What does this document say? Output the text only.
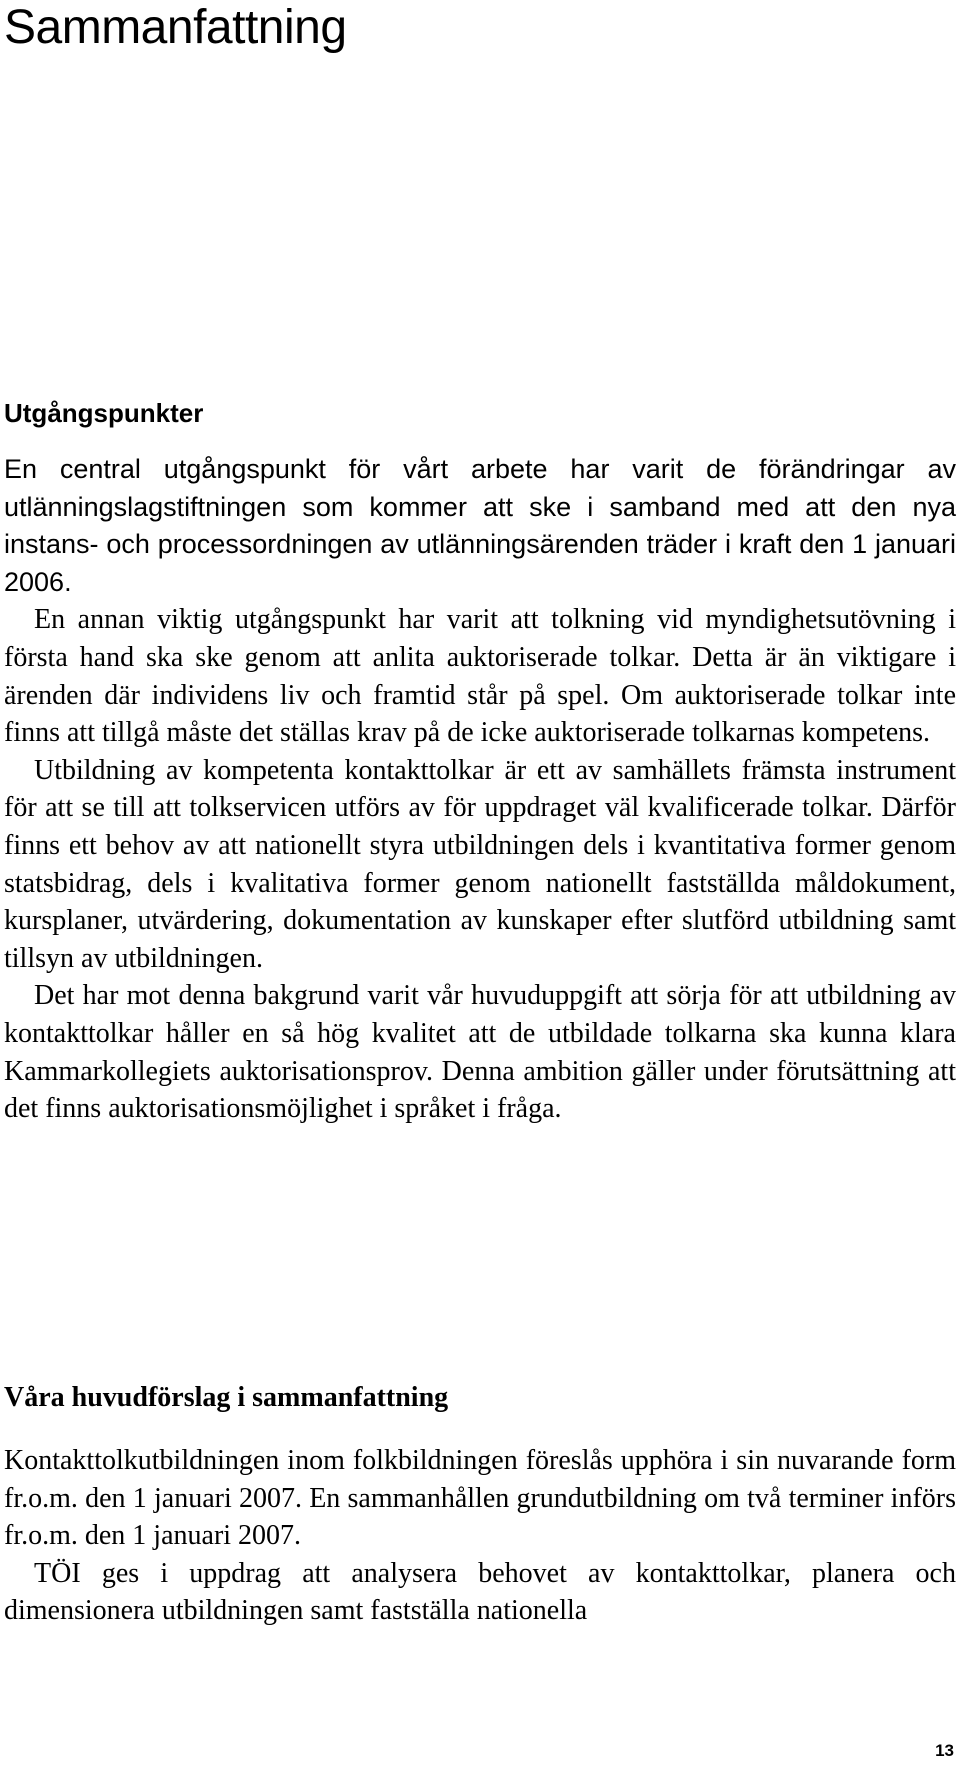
Sammanfattning
Utgångspunkter

En central utgångspunkt för vårt arbete har varit de förändringar av utlänningslagstiftningen som kommer att ske i samband med att den nya instans- och processordningen av utlänningsärenden träder i kraft den 1 januari 2006.

En annan viktig utgångspunkt har varit att tolkning vid myndighetsutövning i första hand ska ske genom att anlita auktoriserade tolkar. Detta är än viktigare i ärenden där individens liv och framtid står på spel. Om auktoriserade tolkar inte finns att tillgå måste det ställas krav på de icke auktoriserade tolkarnas kompetens.

Utbildning av kompetenta kontakttolkar är ett av samhällets främsta instrument för att se till att tolkservicen utförs av för uppdraget väl kvalificerade tolkar. Därför finns ett behov av att nationellt styra utbildningen dels i kvantitativa former genom statsbidrag, dels i kvalitativa former genom nationellt fastställda måldokument, kursplaner, utvärdering, dokumentation av kunskaper efter slutförd utbildning samt tillsyn av utbildningen.

Det har mot denna bakgrund varit vår huvuduppgift att sörja för att utbildning av kontakttolkar håller en så hög kvalitet att de utbildade tolkarna ska kunna klara Kammarkollegiets auktorisationsprov. Denna ambition gäller under förutsättning att det finns auktorisationsmöjlighet i språket i fråga.

Våra huvudförslag i sammanfattning

Kontakttolkutbildningen inom folkbildningen föreslås upphöra i sin nuvarande form fr.o.m. den 1 januari 2007. En sammanhållen grundutbildning om två terminer införs fr.o.m. den 1 januari 2007.

TÖI ges i uppdrag att analysera behovet av kontakttolkar, planera och dimensionera utbildningen samt fastställa nationella

13
